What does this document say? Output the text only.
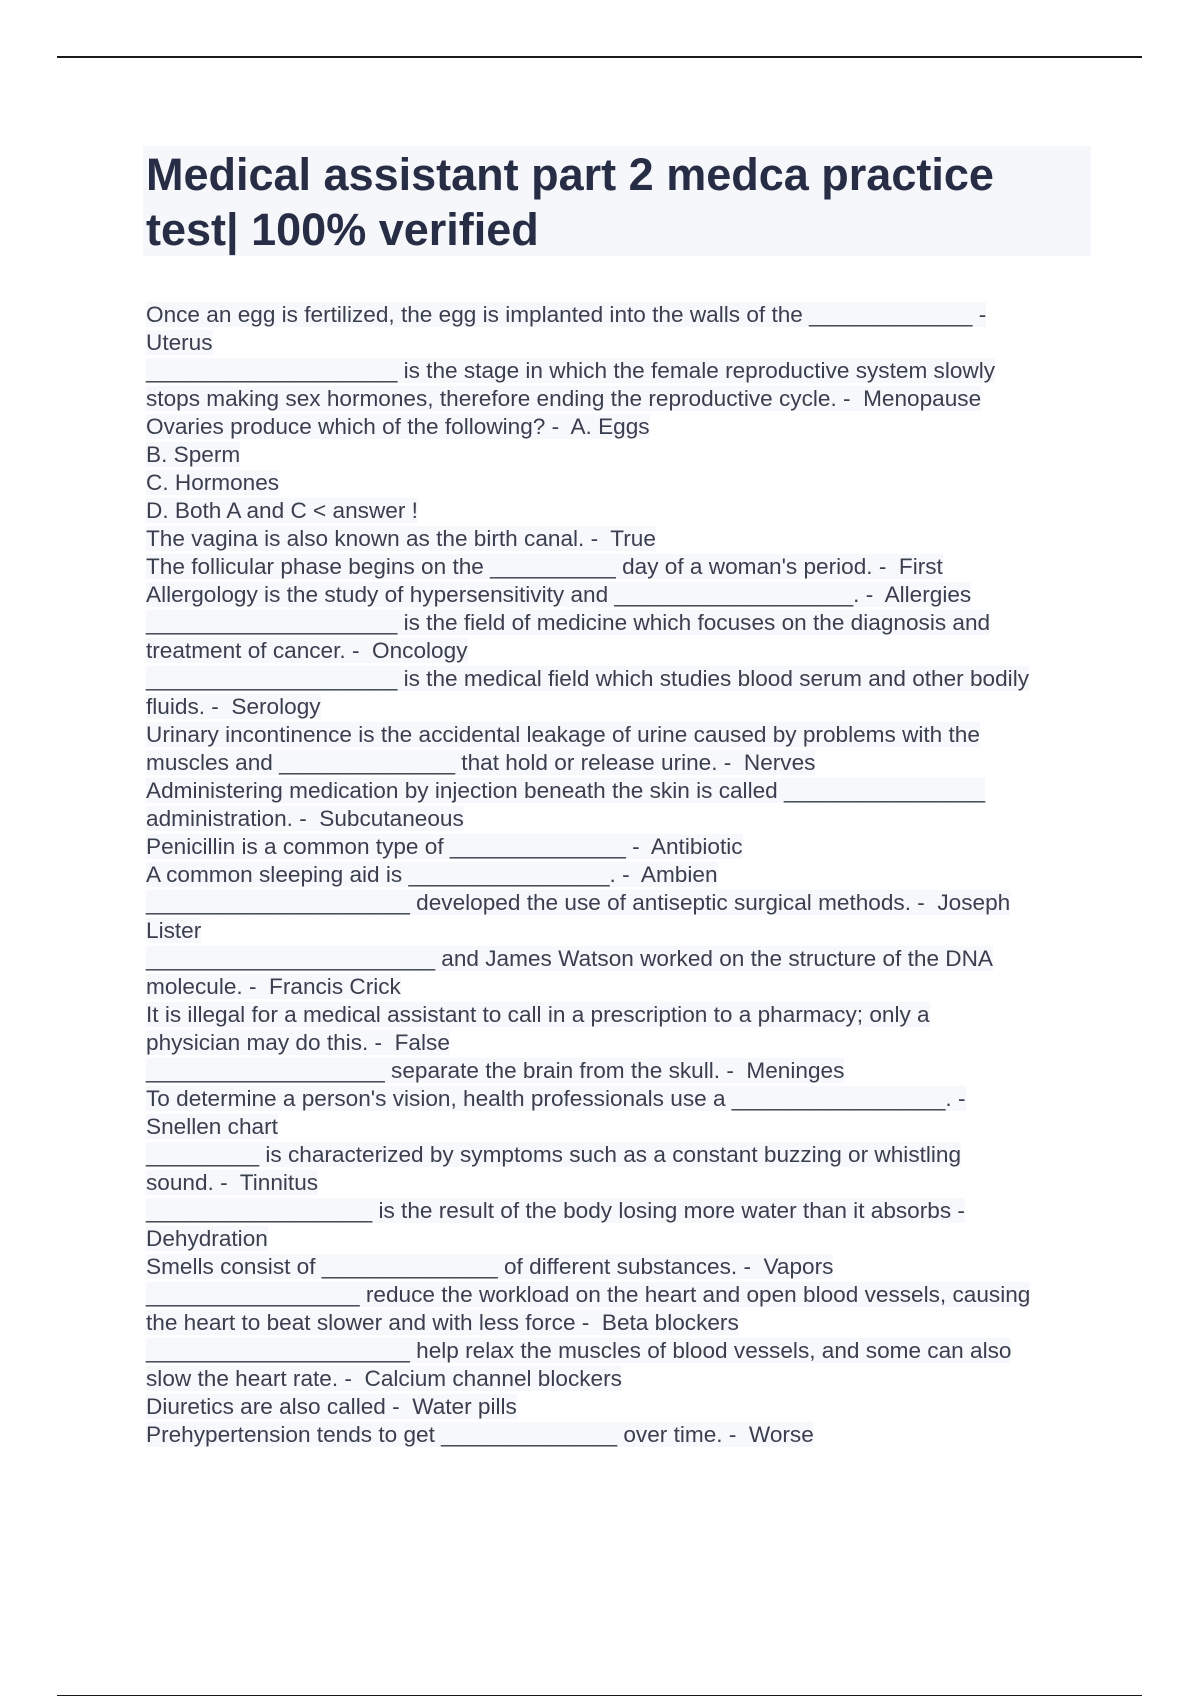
Medical assistant part 2 medca practice
test| 100% verified
Once an egg is fertilized, the egg is implanted into the walls of the _____________ -
Uterus
____________________ is the stage in which the female reproductive system slowly
stops making sex hormones, therefore ending the reproductive cycle. -  Menopause
Ovaries produce which of the following? -  A. Eggs
B. Sperm
C. Hormones
D. Both A and C < answer !
The vagina is also known as the birth canal. -  True
The follicular phase begins on the __________ day of a woman's period. -  First
Allergology is the study of hypersensitivity and ___________________. -  Allergies
____________________ is the field of medicine which focuses on the diagnosis and
treatment of cancer. -  Oncology
____________________ is the medical field which studies blood serum and other bodily
fluids. -  Serology
Urinary incontinence is the accidental leakage of urine caused by problems with the
muscles and ______________ that hold or release urine. -  Nerves
Administering medication by injection beneath the skin is called ________________
administration. -  Subcutaneous
Penicillin is a common type of ______________ -  Antibiotic
A common sleeping aid is ________________. -  Ambien
_____________________ developed the use of antiseptic surgical methods. -  Joseph
Lister
_______________________ and James Watson worked on the structure of the DNA
molecule. -  Francis Crick
It is illegal for a medical assistant to call in a prescription to a pharmacy; only a
physician may do this. -  False
___________________ separate the brain from the skull. -  Meninges
To determine a person's vision, health professionals use a _________________. -
Snellen chart
_________ is characterized by symptoms such as a constant buzzing or whistling
sound. -  Tinnitus
__________________ is the result of the body losing more water than it absorbs -
Dehydration
Smells consist of ______________ of different substances. -  Vapors
_________________ reduce the workload on the heart and open blood vessels, causing
the heart to beat slower and with less force -  Beta blockers
_____________________ help relax the muscles of blood vessels, and some can also
slow the heart rate. -  Calcium channel blockers
Diuretics are also called -  Water pills
Prehypertension tends to get ______________ over time. -  Worse
